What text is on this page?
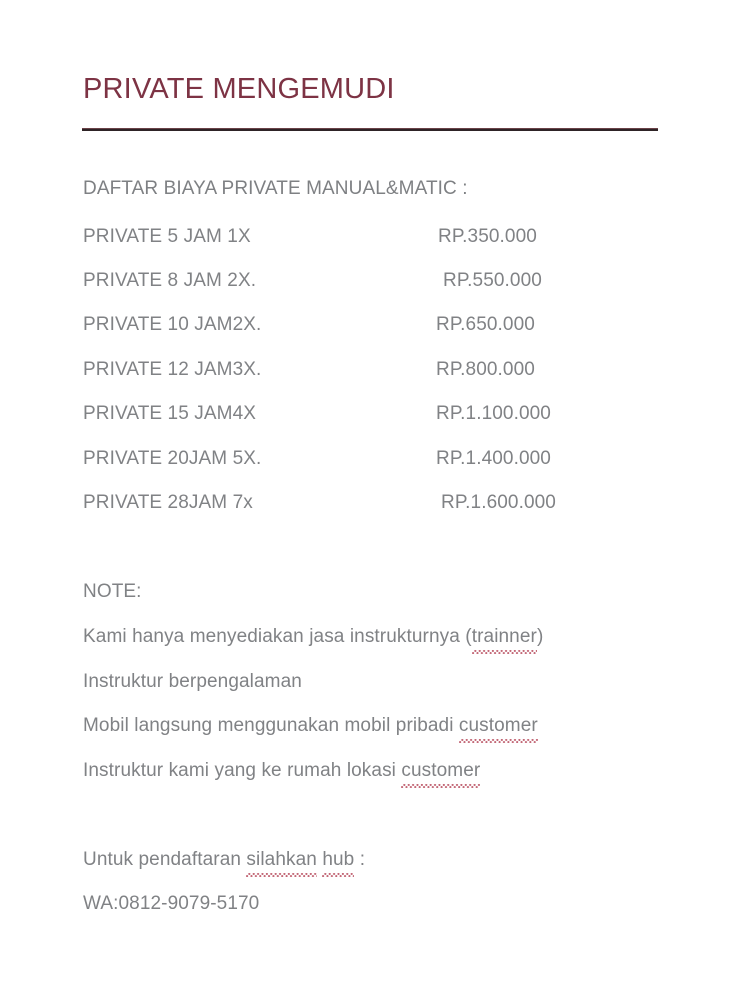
PRIVATE MENGEMUDI
DAFTAR BIAYA PRIVATE MANUAL&MATIC :
PRIVATE 5 JAM 1X	RP.350.000
PRIVATE 8 JAM 2X.	RP.550.000
PRIVATE 10 JAM2X.	RP.650.000
PRIVATE 12 JAM3X.	RP.800.000
PRIVATE 15 JAM4X	RP.1.100.000
PRIVATE 20JAM 5X.	RP.1.400.000
PRIVATE 28JAM 7x	RP.1.600.000
NOTE:
Kami hanya menyediakan jasa instrukturnya (trainner)
Instruktur berpengalaman
Mobil langsung menggunakan mobil pribadi customer
Instruktur kami yang ke rumah lokasi customer
Untuk pendaftaran silahkan hub :
WA:0812-9079-5170
